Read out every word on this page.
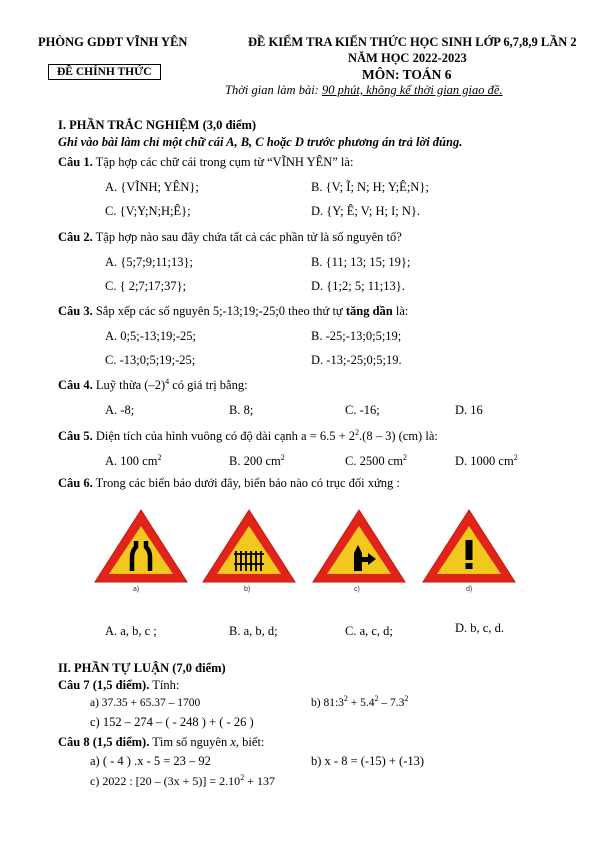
PHÒNG GDĐT VĨNH YÊN	ĐỀ KIỂM TRA KIẾN THỨC HỌC SINH LỚP 6,7,8,9 LẦN 2
NĂM HỌC 2022-2023
ĐỀ CHÍNH THỨC	MÔN: TOÁN 6
Thời gian làm bài: 90 phút, không kể thời gian giao đề.
I. PHẦN TRẮC NGHIỆM (3,0 điểm)
Ghi vào bài làm chỉ một chữ cái A, B, C hoặc D trước phương án trả lời đúng.
Câu 1. Tập hợp các chữ cái trong cụm từ “VĨNH YÊN” là:
A. {VĨNH; YÊN};	B. {V; Ĩ; N; H; Y;Ê;N};
C. {V;Y;N;H;Ê};	D. {Y; Ê; V; H; I; N}.
Câu 2. Tập hợp nào sau đây chứa tất cả các phần tử là số nguyên tố?
A. {5;7;9;11;13};	B. {11; 13; 15; 19};
C. { 2;7;17;37};	D. {1;2; 5; 11;13}.
Câu 3. Sắp xếp các số nguyên 5;-13;19;-25;0 theo thứ tự tăng dần là:
A. 0;5;-13;19;-25;	B. -25;-13;0;5;19;
C. -13;0;5;19;-25;	D. -13;-25;0;5;19.
Câu 4. Luỹ thừa $(-2)^4$ có giá trị bằng:
A. -8;	B. 8;	C. -16;	D. 16
Câu 5. Diện tích của hình vuông có độ dài cạnh $a = 6.5 + 2^2.(8 - 3)$ (cm) là:
A. 100 $cm^2$	B. 200 $cm^2$	C. 2500 $cm^2$	D. 1000 $cm^2$
Câu 6. Trong các biển báo dưới đây, biển báo nào có trục đối xứng :
a)	b)	c)	d)
A. a, b, c ;	B. a, b, d;	C. a, c, d;	D. b, c, d.
II. PHẦN TỰ LUẬN (7,0 điểm)
Câu 7 (1,5 điểm). Tính:
a) 37.35 + 65.37 – 1700	b) $81:3^2 + 5.4^2 - 7.3^2$
c) 152 – 274 – ( - 248 ) + ( - 26 )
Câu 8 (1,5 điểm). Tìm số nguyên x, biết:
a) ( - 4 ) .x - 5 = 23 – 92	b) x - 8 = (-15) + (-13)
c) 2022 : $[20 - (3x + 5)] = 2.10^2 + 137$
